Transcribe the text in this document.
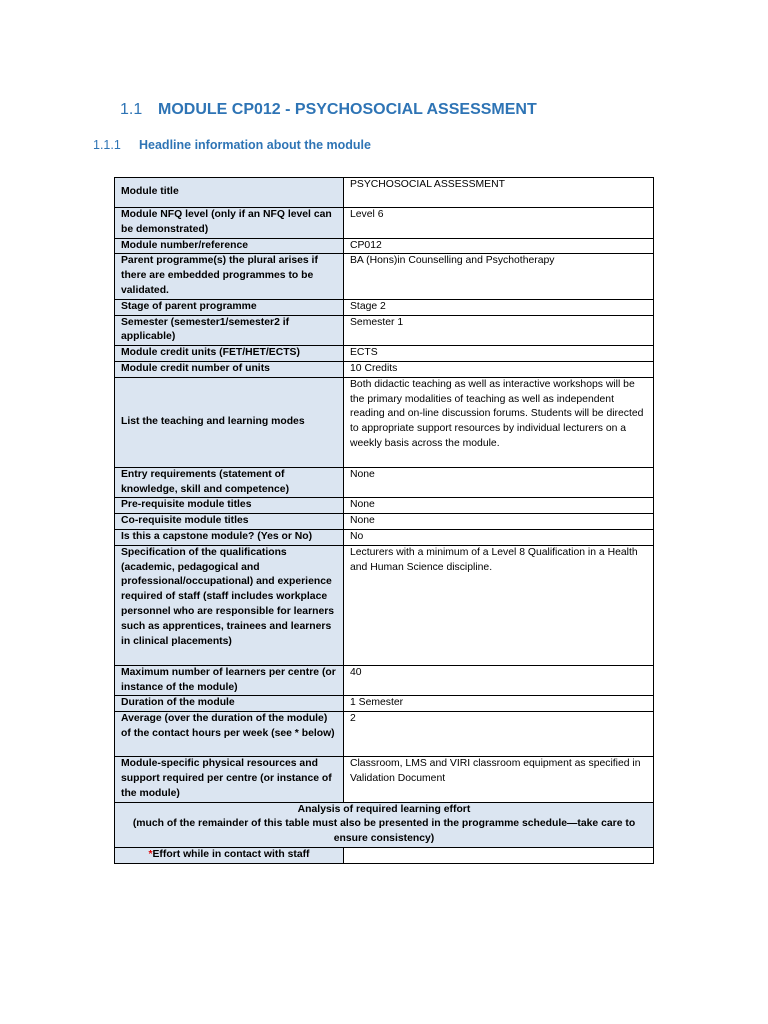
1.1 MODULE CP012 - PSYCHOSOCIAL ASSESSMENT
1.1.1 Headline information about the module
Module title	PSYCHOSOCIAL ASSESSMENT
Module NFQ level (only if an NFQ level can be demonstrated)	Level 6
Module number/reference	CP012
Parent programme(s) the plural arises if there are embedded programmes to be validated.	BA (Hons)in Counselling and Psychotherapy
Stage of parent programme	Stage 2
Semester (semester1/semester2 if applicable)	Semester 1
Module credit units (FET/HET/ECTS)	ECTS
Module credit number of units	10 Credits
List the teaching and learning modes	Both didactic teaching as well as interactive workshops will be the primary modalities of teaching as well as independent reading and on-line discussion forums. Students will be directed to appropriate support resources by individual lecturers on a weekly basis across the module.
Entry requirements (statement of knowledge, skill and competence)	None
Pre-requisite module titles	None
Co-requisite module titles	None
Is this a capstone module? (Yes or No)	No
Specification of the qualifications (academic, pedagogical and professional/occupational) and experience required of staff (staff includes workplace personnel who are responsible for learners such as apprentices, trainees and learners in clinical placements)	Lecturers with a minimum of a Level 8 Qualification in a Health and Human Science discipline.
Maximum number of learners per centre (or instance of the module)	40
Duration of the module	1 Semester
Average (over the duration of the module) of the contact hours per week (see * below)	2
Module-specific physical resources and support required per centre (or instance of the module)	Classroom, LMS and VIRI classroom equipment as specified in Validation Document

Analysis of required learning effort
(much of the remainder of this table must also be presented in the programme schedule—take care to ensure consistency)	

*Effort while in contact with staff	
